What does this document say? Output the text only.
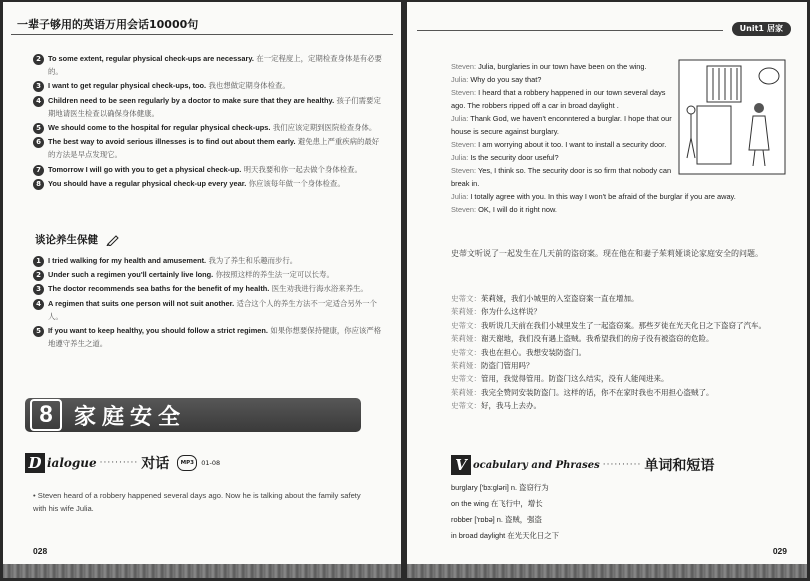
一辈子够用的英语万用会话10000句
2 To some extent, regular physical check-ups are necessary. 在一定程度上，定期检查身体是有必要的。
3 I want to get regular physical check-ups, too. 我也想做定期身体检查。
4 Children need to be seen regularly by a doctor to make sure that they are healthy. 孩子们需要定期地请医生检查以确保身体健康。
5 We should come to the hospital for regular physical check-ups. 我们应该定期到医院检查身体。
6 The best way to avoid serious illnesses is to find out about them early. 避免患上严重疾病的最好的方法是早点发现它。
7 Tomorrow I will go with you to get a physical check-up. 明天我要和你一起去做个身体检查。
8 You should have a regular physical check-up every year. 你应该每年做一个身体检查。
谈论养生保健
1 I tried walking for my health and amusement. 我为了养生和乐趣而步行。
2 Under such a regimen you'll certainly live long. 你按照这样的养生法一定可以长寿。
3 The doctor recommends sea baths for the benefit of my health. 医生劝我进行海水浴来养生。
4 A regimen that suits one person will not suit another. 适合这个人的养生方法不一定适合另外一个人。
5 If you want to keep healthy, you should follow a strict regimen. 如果你想要保持健康，你应该严格地遵守养生之道。
8 家庭安全
D ialogue ·········· 对话	MP3	01-08
• Steven heard of a robbery happened several days ago. Now he is talking about the family safety with his wife Julia.
028
Unit1 居家
Steven: Julia, burglaries in our town have been on the wing.
Julia: Why do you say that?
Steven: I heard that a robbery happened in our town several days ago. The robbers ripped off a car in broad daylight .
Julia: Thank God, we haven't enconntered a burglar. I hope that our house is secure against burglary.
Steven: I am worrying about it too. I want to install a security door.
Julia: Is the security door useful?
Steven: Yes, I think so. The security door is so firm that nobody can break in.
Julia: I totally agree with you. In this way I won't be afraid of the burglar if you are away.
Steven: OK, I will do it right now.
史蒂文听说了一起发生在几天前的盗窃案。现在他在和妻子茱莉娅谈论家庭安全的问题。
史蒂文：茱莉娅，我们小城里的入室盗窃案一直在增加。
茱莉娅：你为什么这样说？
史蒂文：我听说几天前在我们小城里发生了一起盗窃案。那些歹徒在光天化日之下盗窃了汽车。
茱莉娅：谢天谢地，我们没有遇上盗贼。我希望我们的房子没有被盗窃的危险。
史蒂文：我也在担心。我想安装防盗门。
茱莉娅：防盗门管用吗？
史蒂文：管用，我觉得管用。防盗门这么结实，没有人能闯进来。
茱莉娅：我完全赞同安装防盗门。这样的话，你不在家时我也不用担心盗贼了。
史蒂文：好，我马上去办。
V ocabulary and Phrases ·········· 单词和短语
burglary ['bɜ:gləri] n. 盗窃行为
on the wing 在飞行中，增长
robber ['rɒbə] n. 盗贼，强盗
in broad daylight 在光天化日之下
029
